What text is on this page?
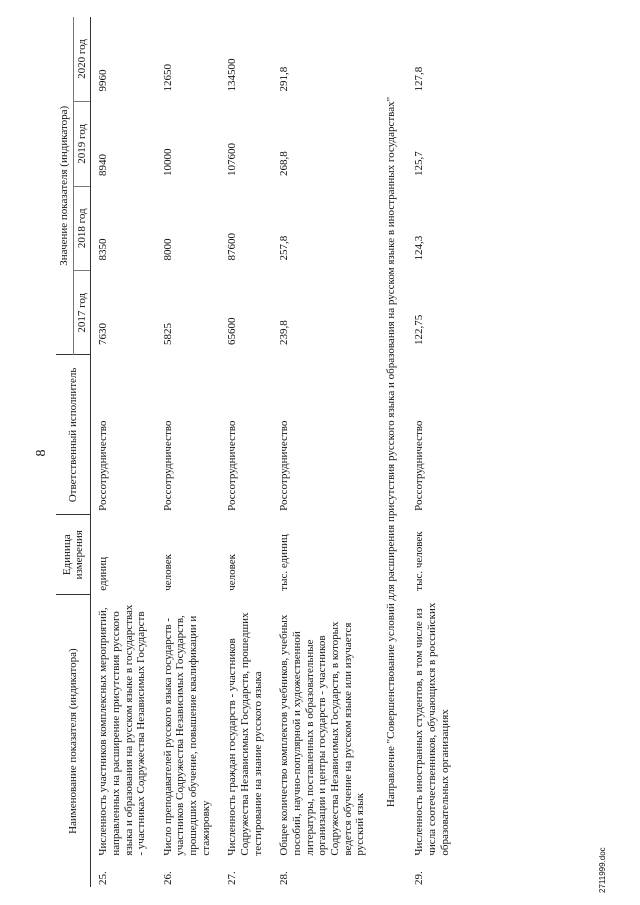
8
Наименование показателя (индикатора)		Единица измерения	Ответственный исполнитель	Значение показателя (индикатора)			
				2017 год	2018 год	2019 год	2020 год
25.	Численность участников комплексных мероприятий, направленных на расширение присутствия русского языка и образования на русском языке в государствах - участниках Содружества Независимых Государств	единиц	Россотрудничество	7630	8350	8940	9960
26.	Число преподавателей русского языка государств - участников Содружества Независимых Государств, прошедших обучение, повышение квалификации и стажировку	человек	Россотрудничество	5825	8000	10000	12650
27.	Численность граждан государств - участников Содружества Независимых Государств, прошедших тестирование на знание русского языка	человек	Россотрудничество	65600	87600	107600	134500
28.	Общее количество комплектов учебников, учебных пособий, научно-популярной и художественной литературы, поставленных в образовательные организации и центры государств - участников Содружества Независимых Государств, в которых ведется обучение на русском языке или изучается русский язык	тыс. единиц	Россотрудничество	239,8	257,8	268,8	291,8
Направление "Совершенствование условий для расширения присутствия русского языка и образования на русском языке в иностранных государствах"							
29.	Численность иностранных студентов, в том числе из числа соотечественников, обучающихся в российских образовательных организациях	тыс. человек	Россотрудничество	122,75	124,3	125,7	127,8
2711999.doc
